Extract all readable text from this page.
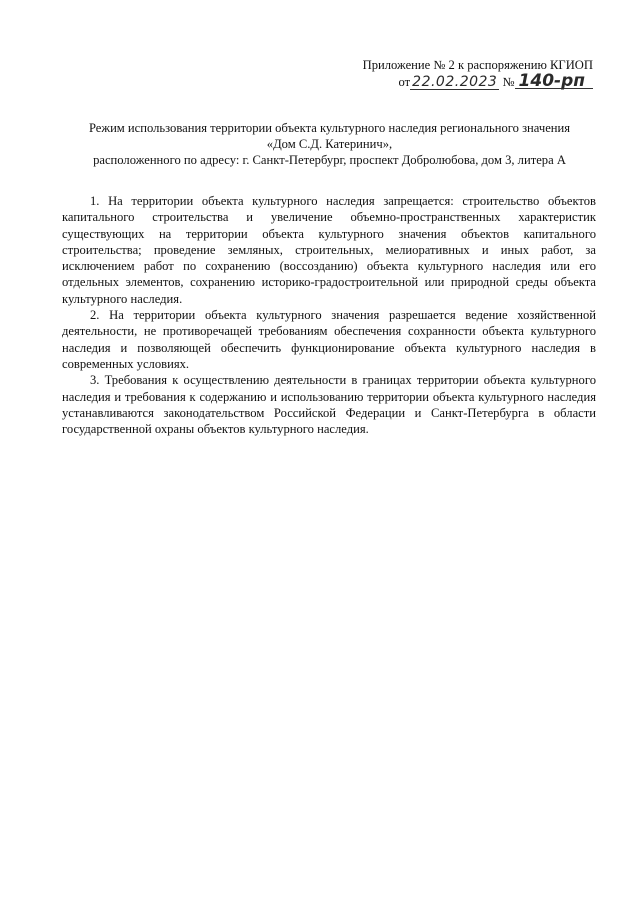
Приложение № 2 к распоряжению КГИОП
от 22.02.2023 № 140-рп
Режим использования территории объекта культурного наследия регионального значения
«Дом С.Д. Катеринич»,
расположенного по адресу: г. Санкт-Петербург, проспект Добролюбова, дом 3, литера А

1. На территории объекта культурного наследия запрещается: строительство объектов капитального строительства и увеличение объемно-пространственных характеристик существующих на территории объекта культурного значения объектов капитального строительства; проведение земляных, строительных, мелиоративных и иных работ, за исключением работ по сохранению (воссозданию) объекта культурного наследия или его отдельных элементов, сохранению историко-градостроительной или природной среды объекта культурного наследия.

2. На территории объекта культурного значения разрешается ведение хозяйственной деятельности, не противоречащей требованиям обеспечения сохранности объекта культурного наследия и позволяющей обеспечить функционирование объекта культурного наследия в современных условиях.

3. Требования к осуществлению деятельности в границах территории объекта культурного наследия и требования к содержанию и использованию территории объекта культурного наследия устанавливаются законодательством Российской Федерации и Санкт-Петербурга в области государственной охраны объектов культурного наследия.
